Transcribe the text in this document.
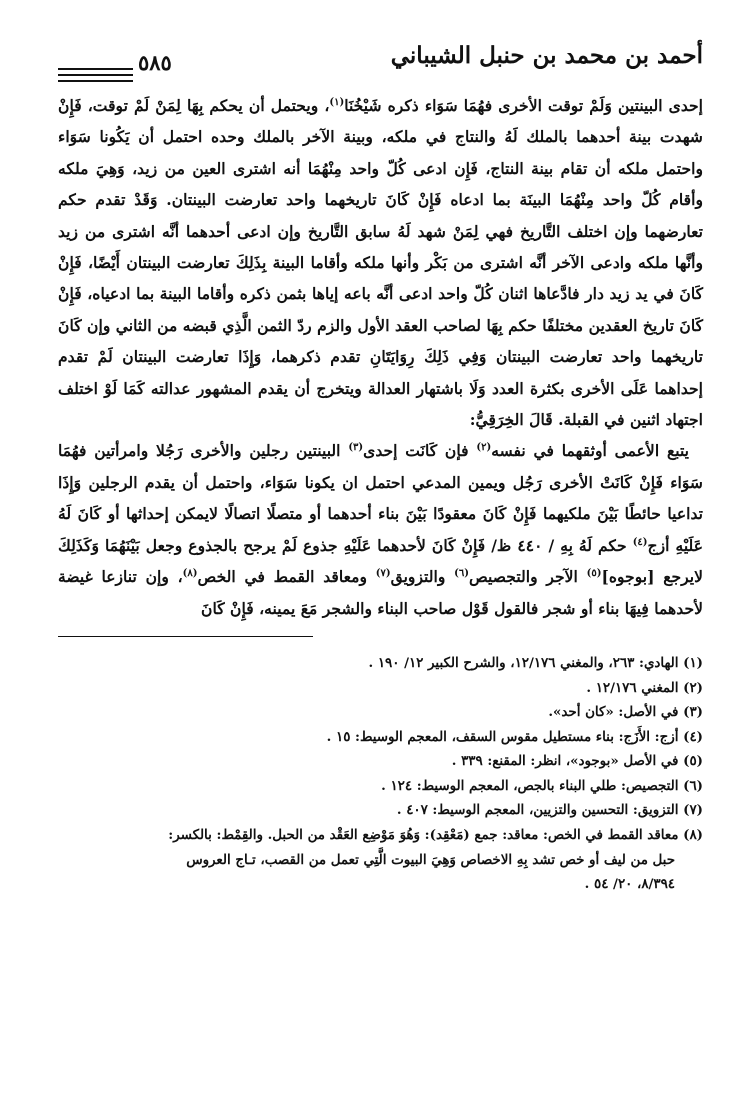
أحمد بن محمد بن حنبل الشيباني
٥٨٥

إحدى البينتين وَلَمْ توقت الأخرى فهُمَا سَوَاء ذكره شَيْخُنَا$^{(١)}$، ويحتمل أن يحكم بِهَا لِمَنْ لَمْ توقت، فَإِنْ شهدت بينة أحدهما بالملك لَهُ والنتاج في ملكه، وبينة الآخر بالملك وحده احتمل أن يَكُونا سَوَاء واحتمل ملكه أن تقام بينة النتاج، فَإِن ادعى كُلّ واحد مِنْهُمَا أنه اشترى العين من زيد، وَهِيَ ملكه وأقام كُلّ واحد مِنْهُمَا البينَة بما ادعاه فَإِنْ كَانَ تاريخهما واحد تعارضت البينتان. وَقَدْ تقدم حكم تعارضهما وإن اختلف التَّاريخ فهي لِمَنْ شهد لَهُ سابق التَّاريخ وإن ادعى أحدهما أنَّه اشترى من زيد وأنَّها ملكه وادعى الآخر أنَّه اشترى من بَكْر وأنها ملكه وأقاما البينة بِذَلِكَ تعارضت البينتان أَيْضًا، فَإِنْ كَانَ في يد زيد دار فادَّعاها اثنان كُلّ واحد ادعى أنَّه باعه إياها بثمن ذكره وأقاما البينة بما ادعياه، فَإِنْ كَانَ تاريخ العقدين مختلفًا حكم بِهَا لصاحب العقد الأول والزم ردّ الثمن الَّذِي قبضه من الثاني وإن كَانَ تاريخهما واحد تعارضت البينتان وَفِي ذَلِكَ رِوَايَتَانِ تقدم ذكرهما، وَإِذَا تعارضت البينتان لَمْ تقدم إحداهما عَلَى الأخرى بكثرة العدد وَلَا باشتهار العدالة ويتخرج أن يقدم المشهور عدالته كَمَا لَوْ اختلف اجتهاد اثنين في القبلة. قَالَ الخِرَقِيُّ:

يتبع الأعمى أوثقهما في نفسه$^{(٢)}$ فإن كَانَت إحدى$^{(٣)}$ البينتين رجلين والأخرى رَجُلا وامرأتين فهُمَا سَوَاء فَإِنْ كَانَتْ الأخرى رَجُل ويمين المدعي احتمل ان يكونا سَوَاء، واحتمل أن يقدم الرجلين وَإِذَا تداعيا حائطًا بَيْنَ ملكيهما فَإِنْ كَانَ معقودًا بَيْنَ بناء أحدهما أو متصلًا اتصالًا لايمكن إحداثها أو كَانَ لَهُ عَلَيْهِ أزج$^{(٤)}$ حكم لَهُ بِهِ / ٤٤٠ ظ/ فَإِنْ كَانَ لأحدهما عَلَيْهِ جذوع لَمْ يرجح بالجذوع وجعل بَيْنَهُمَا وَكَذَلِكَ لايرجع [بوجوه]$^{(٥)}$ الآجر والتجصيص$^{(٦)}$ والتزويق$^{(٧)}$ ومعاقد القمط في الخص$^{(٨)}$، وإن تنازعا غيضة لأحدهما فِيهَا بناء أو شجر فالقول قَوْل صاحب البناء والشجر مَعَ يمينه، فَإِنْ كَانَ

(١) الهادي: ٢٦٣، والمغني ١٢/١٧٦، والشرح الكبير ١٢/ ١٩٠ .

(٢) المغني ١٢/١٧٦ .

(٣) في الأصل: «كان أحد».

(٤) أزج: الأَزَج: بناء مستطيل مقوس السقف، المعجم الوسيط: ١٥ .

(٥) في الأصل «بوجود»، انظر: المقنع: ٣٣٩ .

(٦) التجصيص: طلي البناء بالجص، المعجم الوسيط: ١٢٤ .

(٧) التزويق: التحسين والتزيين، المعجم الوسيط: ٤٠٧ .

(٨) معاقد القمط في الخص: معاقد: جمع (مَعْقِد): وَهُوَ مَوْضِع العَقْد من الحبل. والقِمْط: بالكسر:
حبل من ليف أو خص تشد بِهِ الاخصاص وَهِيَ البيوت الَّتِي تعمل من القصب، تـاج العروس
٨/٣٩٤، ٢٠/ ٥٤ .
